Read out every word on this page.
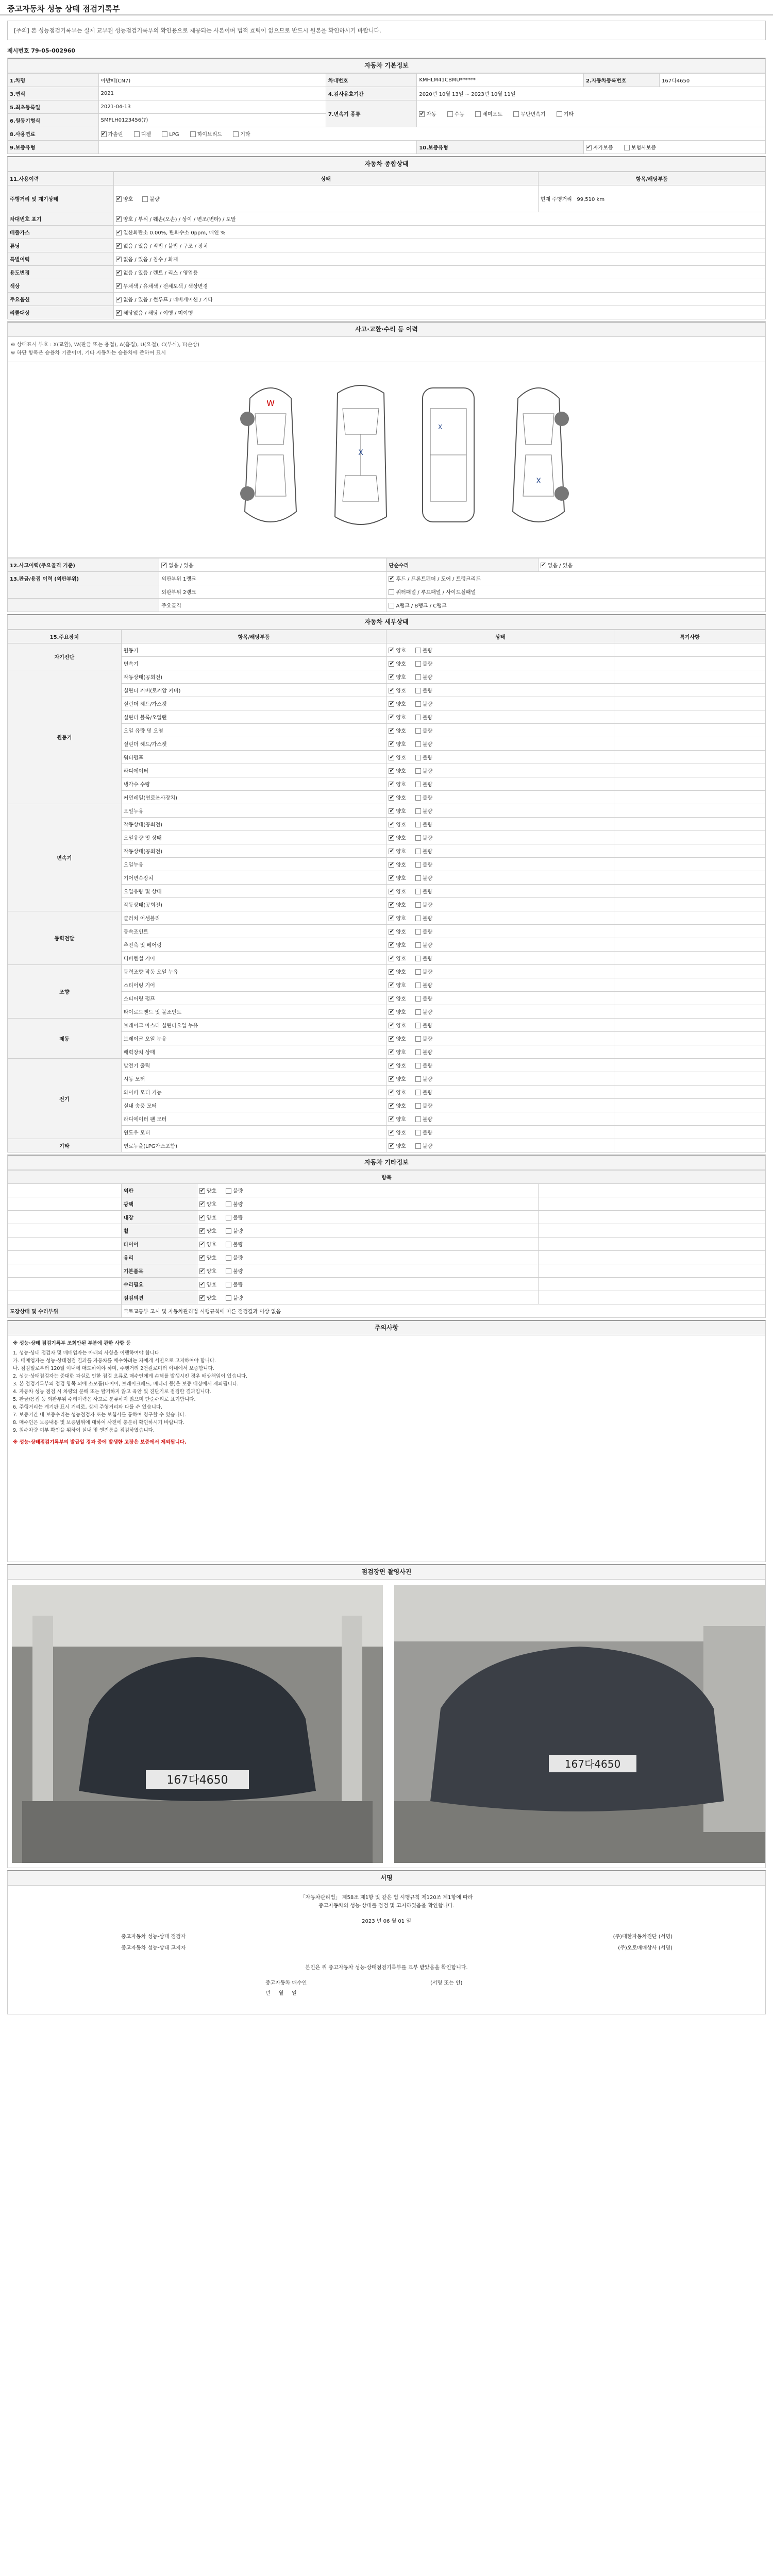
중고자동차 성능 상태 점검기록부
[주의] 본 성능점검기록부는 실제 교부된 성능점검기록부의 확인용으로 제공되는 사본이며 법적 효력이 없으므로 반드시 원본을 확인하시기 바랍니다.
제시번호 79-05-002960
자동차 기본정보
1.차명	아반떼(CN7)	차대번호	KMHLM41CBMU******	2.자동차등록번호	167다4650
3.연식	2021	4.검사유효기간	2020년 10월 13일 ~ 2023년 10월 11일		
5.최초등록일	2021-04-13	7.변속기 종류	✔자동 수동 세미오토 무단변속기 기타
6.원동기형식	SMPLH0123456(?)				
8.사용연료	✔가솔린 디젤 LPG 하이브리드 기타
9.보증유형			10.보증유형	✔자가보증 보험사보증
자동차 종합상태
11.사용이력	상태	항목/해당부품
주행거리 및 계기상태	✔양호 불량	현재 주행거리 99,510 km
차대번호 표기	✔양호 / 부식 / 훼손(오손) / 상이 / 변조(변타) / 도말
배출가스	✔일산화탄소 0.00%, 탄화수소 0ppm, 매연 %
튜닝	✔없음 / 있음 / 적법 / 불법 / 구조 / 장치
특별이력	✔없음 / 있음 / 침수 / 화재
용도변경	✔없음 / 있음 / 렌트 / 리스 / 영업용
색상	✔무채색 / 유채색 / 전체도색 / 색상변경
주요옵션	✔없음 / 있음 / 썬루프 / 네비게이션 / 기타
리콜대상	✔해당없음 / 해당 / 이행 / 미이행
사고·교환·수리 등 이력
※ 상태표시 부호 : X(교환), W(판금 또는 용접), A(흠집), U(요철), C(부식), T(손상)
※ 하단 항목은 승용차 기준이며, 기타 자동차는 승용차에 준하여 표시
W
X
X
X
12.사고이력(주요골격 기준)	✔없음 / 있음	단순수리	✔없음 / 있음
13.판금/용접 이력 (외판부위)	외판부위 1랭크	✔후드 / 프론트펜더 / 도어 / 트렁크리드
	외판부위 2랭크	쿼터패널 / 루프패널 / 사이드실패널	
	주요골격	A랭크 / B랭크 / C랭크	
자동차 세부상태
15.주요장치	항목/해당부품	상태	특기사항
자기진단	원동기	✔양호 불량	
	변속기	✔양호 불량	
원동기	작동상태(공회전)	✔양호 불량	
	실린더 커버(로커암 커버)	✔양호 불량	
	실린더 헤드/가스켓	✔양호 불량	
	실린더 블록/오일팬	✔양호 불량	
	오일 유량 및 오염	✔양호 불량	
	실린더 헤드/가스켓	✔양호 불량	
	워터펌프	✔양호 불량	
	라디에이터	✔양호 불량	
	냉각수 수량	✔양호 불량	
	커먼레일(연료분사장치)	✔양호 불량	
변속기	오일누유	✔양호 불량	
	작동상태(공회전)	✔양호 불량	
	오일유량 및 상태	✔양호 불량	
	작동상태(공회전)	✔양호 불량	
	오일누유	✔양호 불량	
	기어변속장치	✔양호 불량	
	오일유량 및 상태	✔양호 불량	
	작동상태(공회전)	✔양호 불량	
동력전달	클러치 어셈블리	✔양호 불량	
	등속조인트	✔양호 불량	
	추진축 및 베어링	✔양호 불량	
	디퍼렌셜 기어	✔양호 불량	
조향	동력조향 작동 오일 누유	✔양호 불량	
	스티어링 기어	✔양호 불량	
	스티어링 펌프	✔양호 불량	
	타이로드엔드 및 볼조인트	✔양호 불량	
제동	브레이크 마스터 실린더오일 누유	✔양호 불량	
	브레이크 오일 누유	✔양호 불량	
	배력장치 상태	✔양호 불량	
전기	발전기 출력	✔양호 불량	
	시동 모터	✔양호 불량	
	와이퍼 모터 기능	✔양호 불량	
	실내 송풍 모터	✔양호 불량	
	라디에이터 팬 모터	✔양호 불량	
	윈도우 모터	✔양호 불량	
기타	연료누출(LPG가스포함)	✔양호 불량	
자동차 기타정보
항목			
	외판	✔양호 불량	
	광택	✔양호 불량	
	내장	✔양호 불량	
	휠	✔양호 불량	
	타이어	✔양호 불량	
	유리	✔양호 불량	
	기본품목	✔양호 불량	
	수리필요	✔양호 불량	
	점검의견	✔양호 불량	
도장상태 및 수리부위	국토교통부 고시 및 자동차관리법 시행규칙에 따른 점검결과 이상 없음		
주의사항

※ 성능·상태 점검기록부 조회안된 부분에 관한 사항 등

1. 성능·상태 점검자 및 매매업자는 아래의 사항을 이행하여야 합니다.

가. 매매업자는 성능·상태점검 결과를 자동차를 매수하려는 자에게 서면으로 고지하여야 합니다.

나. 점검일로부터 120일 이내에 매도하여야 하며, 주행거리 2천킬로미터 이내에서 보증합니다.

2. 성능·상태점검자는 중대한 과실로 인한 점검 오류로 매수인에게 손해를 발생시킨 경우 배상책임이 있습니다.

3. 본 점검기록부의 점검 항목 외에 소모품(타이어, 브레이크패드, 배터리 등)은 보증 대상에서 제외됩니다.

4. 자동차 성능 점검 시 차량의 분해 또는 탈거하지 않고 육안 및 진단기로 점검한 결과입니다.

5. 판금/용접 등 외판부위 수리이력은 사고로 분류하지 않으며 단순수리로 표기합니다.

6. 주행거리는 계기판 표시 거리로, 실제 주행거리와 다를 수 있습니다.

7. 보증기간 내 보증수리는 성능점검자 또는 보험사를 통하여 청구할 수 있습니다.

8. 매수인은 보증내용 및 보증범위에 대하여 사전에 충분히 확인하시기 바랍니다.

9. 침수차량 여부 확인을 위하여 실내 및 엔진룸을 점검하였습니다.

※ 성능·상태점검기록부의 발급일 경과 중에 발생한 고장은 보증에서 제외됩니다.

점검장면 촬영사진
167다4650
167다4650
서명
「자동차관리법」 제58조 제1항 및 같은 법 시행규칙 제120조 제1항에 따라
중고자동차의 성능·상태를 점검 및 고지하였음을 확인합니다.
2023 년 06 월 01 일
중고자동차 성능·상태 점검자	(주)대한자동차진단 (서명)
중고자동차 성능·상태 고지자	(주)오토매매상사 (서명)
본인은 위 중고자동차 성능·상태점검기록부를 교부 받았음을 확인합니다.
중고자동차 매수인	(서명 또는 인)
년 월 일
